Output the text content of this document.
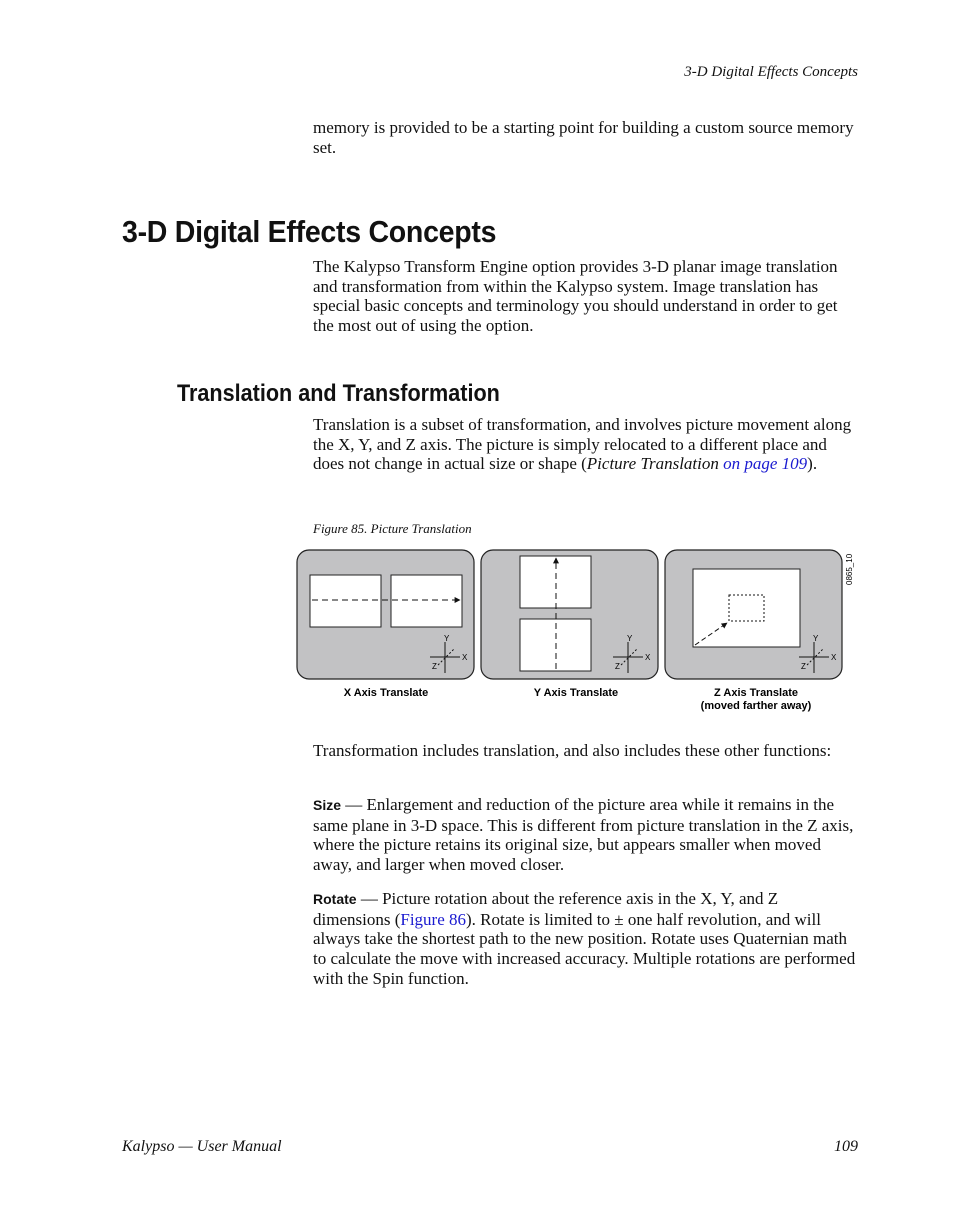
3-D Digital Effects Concepts
memory is provided to be a starting point for building a custom source memory set.
3-D Digital Effects Concepts
The Kalypso Transform Engine option provides 3-D planar image translation and transformation from within the Kalypso system. Image translation has special basic concepts and terminology you should understand in order to get the most out of using the option.
Translation and Transformation
Translation is a subset of transformation, and involves picture movement along the X, Y, and Z axis. The picture is simply relocated to a different place and does not change in actual size or shape (Picture Translation on page 109).
Figure 85. Picture Translation
Y
X
Z
Y
X
Z
Y
X
Z
0865_10
X Axis Translate	Y Axis Translate	Z Axis Translate
(moved farther away)
Transformation includes translation, and also includes these other functions:
Size — Enlargement and reduction of the picture area while it remains in the same plane in 3-D space. This is different from picture translation in the Z axis, where the picture retains its original size, but appears smaller when moved away, and larger when moved closer.
Rotate — Picture rotation about the reference axis in the X, Y, and Z dimensions (Figure 86). Rotate is limited to ± one half revolution, and will always take the shortest path to the new position. Rotate uses Quaternian math to calculate the move with increased accuracy. Multiple rotations are performed with the Spin function.
Kalypso — User Manual	109
